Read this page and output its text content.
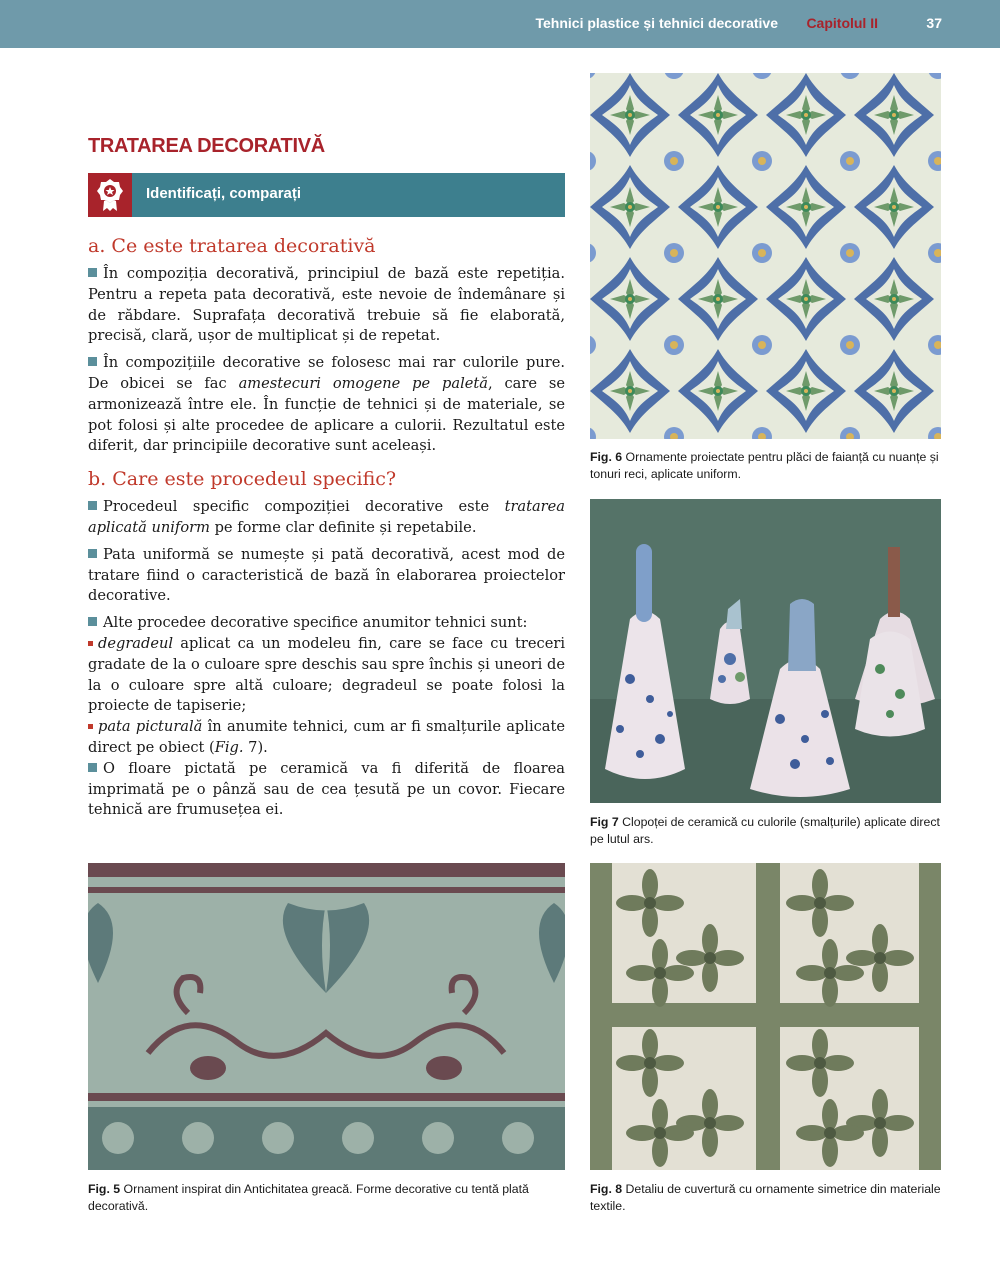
Tehnici plastice și tehnici decorative Capitolul II	37
TRATAREA DECORATIVĂ
Identificați, comparați
a. Ce este tratarea decorativă

În compoziția decorativă, principiul de bază este repetiția. Pentru a repeta pata decorativă, este nevoie de îndemânare și de răbdare. Suprafața decorativă trebuie să fie elaborată, precisă, clară, ușor de multiplicat și de repetat.

În compozițiile decorative se folosesc mai rar culorile pure. De obicei se fac amestecuri omogene pe paletă, care se armonizează între ele. În funcție de tehnici și de materiale, se pot folosi și alte procedee de aplicare a culorii. Rezultatul este diferit, dar principiile decorative sunt aceleași.

b. Care este procedeul specific?

Procedeul specific compoziției decorative este tratarea aplicată uniform pe forme clar definite și repetabile.

Pata uniformă se numește și pată decorativă, acest mod de tratare fiind o caracteristică de bază în elaborarea proiectelor decorative.

Alte procedee decorative specifice anumitor tehnici sunt:

degradeul aplicat ca un modeleu fin, care se face cu treceri gradate de la o culoare spre deschis sau spre închis și uneori de la o culoare spre altă culoare; degradeul se poate folosi la proiecte de tapiserie;

pata picturală în anumite tehnici, cum ar fi smalțurile aplicate direct pe obiect (Fig. 7).

O floare pictată pe ceramică va fi diferită de floarea imprimată pe o pânză sau de cea țesută pe un covor. Fiecare tehnică are frumusețea ei.

Fig. 6 Ornamente proiectate pentru plăci de faianță cu nuanțe și tonuri reci, aplicate uniform.
Fig 7 Clopoței de ceramică cu culorile (smalțurile) aplicate direct pe lutul ars.
Fig. 5 Ornament inspirat din Antichitatea greacă. Forme decorative cu tentă plată decorativă.
Fig. 8 Detaliu de cuvertură cu ornamente simetrice din materiale textile.
